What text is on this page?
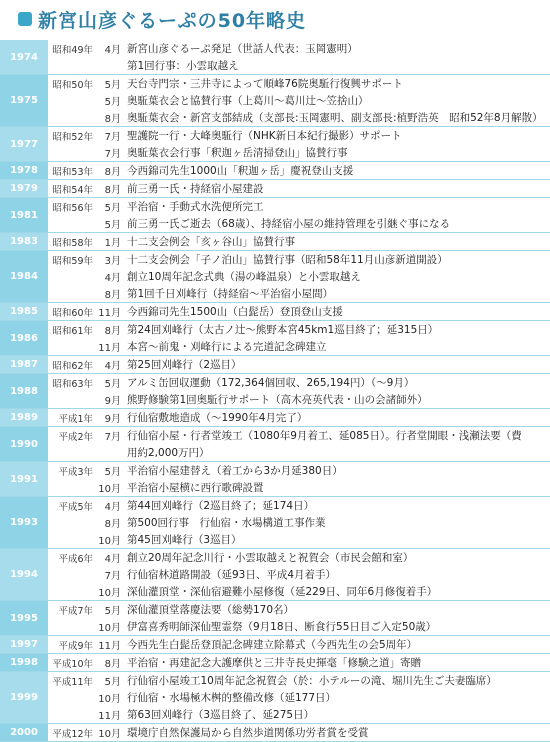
新宮山彦ぐるーぷの50年略史
1974
昭和49年	4月 新宮山彦ぐるーぷ発足（世話人代表：玉岡憲明）
第1回行事：小雲取越え
1975
昭和50年	5月 天台寺門宗・三井寺によって順峰76院奥駈行復興サポート
5月 奥駈葉衣会と協賛行事（上葛川〜葛川辻〜笠捨山）
8月 奥駈葉衣会・新宮支部結成（支部長:玉岡憲明、副支部長:植野浩英　昭和52年8月解散）
1977
昭和52年	7月 聖護院一行・大峰奥駈行（NHK新日本紀行撮影）サポート
7月 奥駈葉衣会行事「釈迦ヶ岳清掃登山」協賛行事
1978	昭和53年	8月 今西錦司先生1000山「釈迦ヶ岳」慶祝登山支援
1979	昭和54年	8月 前三勇一氏・持経宿小屋建設
1981
昭和56年	5月 平治宿・手動式水洗便所完工
5月 前三勇一氏ご逝去（68歳）、持経宿小屋の維持管理を引継ぐ事になる
1983	昭和58年	1月 十二支会例会「亥ヶ谷山」協賛行事
1984
昭和59年	3月 十二支会例会「子ノ泊山」協賛行事（昭和58年11月山彦新道開設）
4月 創立10周年記念式典（湯の峰温泉）と小雲取越え
8月 第1回千日刈峰行（持経宿〜平治宿小屋間）
1985	昭和60年 11月 今西錦司先生1500山（白髭岳）登頂登山支援
1986
昭和61年	8月 第24回刈峰行（太古ノ辻〜熊野本宮45km1巡目終了；延315日）
11月 本宮〜前鬼・刈峰行による完道記念碑建立
1987	昭和62年	4月 第25回刈峰行（2巡目）
1988
昭和63年	5月 アルミ缶回収運動（172,364個回収、265,194円）（〜9月）
9月 熊野修験第1回奥駈行サポート（高木亮英代表・山の会諸師外）
1989	平成1年	9月 行仙宿敷地造成（〜1990年4月完了）
1990
平成2年	7月 行仙宿小屋・行者堂竣工（1080年9月着工、延085日）。行者堂開眼・浅瀬法要（費
用約2,000万円）
1991
平成3年	5月 平治宿小屋建替え（着工から3か月延380日）
10月 平治宿小屋横に西行歌碑設置
1993
平成5年	4月 第44回刈峰行（2巡目終了；延174日）
8月 第500回行事　行仙宿・水場構道工事作業
10月 第45回刈峰行（3巡目）
1994
平成6年	4月 創立20周年記念川行・小雲取越えと祝賀会（市民会館和室）
7月 行仙宿林道路開設（延93日、平成4月着手）
10月 深仙灌頂堂・深仙宿避難小屋修復（延229日、同年6月修復着手）
1995
平成7年	5月 深仙灌頂堂落慶法要（総勢170名）
10月 伊富喜秀明師深仙聖霊祭（9月18日、断食行55日目ご入定50歳）
1997	平成9年 11月 今西先生白髭岳登頂記念碑建立除幕式（今西先生の会5周年）
1998	平成10年	8月 平治宿・再建記念大護摩供と三井寺長史揮毫「修験之道」寄贈
1999
平成11年	5月 行仙宿小屋竣工10周年記念祝賀会（於：小テルーの滝、堀川先生ご夫妻臨席）
10月 行仙宿・水場極木桝的整備改修（延177日）
11月 第63回刈峰行（3巡目終了、延275日）
2000	平成12年 10月 環境庁自然保護局から自然歩道関係功労者賞を受賞
